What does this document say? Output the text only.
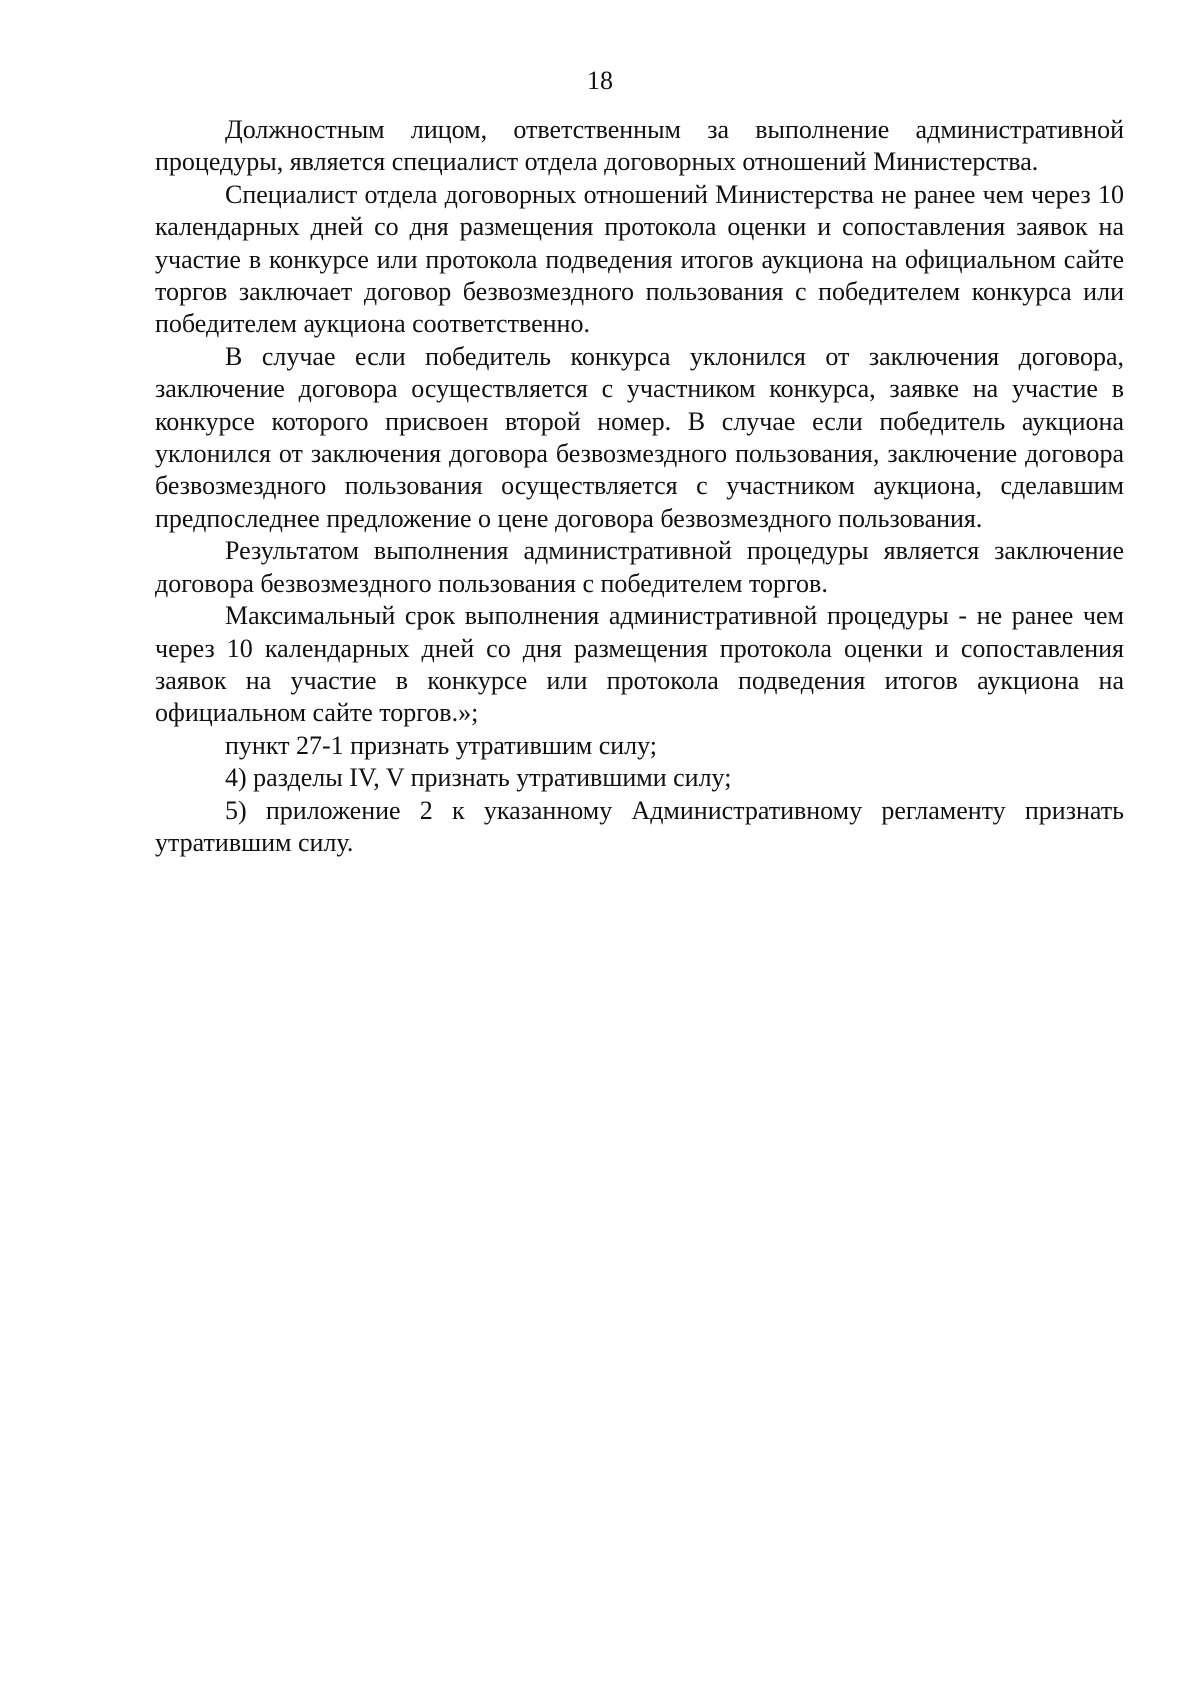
18

Должностным лицом, ответственным за выполнение административной процедуры, является специалист отдела договорных отношений Министерства.

Специалист отдела договорных отношений Министерства не ранее чем через 10 календарных дней со дня размещения протокола оценки и сопоставления заявок на участие в конкурсе или протокола подведения итогов аукциона на официальном сайте торгов заключает договор безвозмездного пользования с победителем конкурса или победителем аукциона соответственно.

В случае если победитель конкурса уклонился от заключения договора, заключение договора осуществляется с участником конкурса, заявке на участие в конкурсе которого присвоен второй номер. В случае если победитель аукциона уклонился от заключения договора безвозмездного пользования, заключение договора безвозмездного пользования осуществляется с участником аукциона, сделавшим предпоследнее предложение о цене договора безвозмездного пользования.

Результатом выполнения административной процедуры является заключение договора безвозмездного пользования с победителем торгов.

Максимальный срок выполнения административной процедуры - не ранее чем через 10 календарных дней со дня размещения протокола оценки и сопоставления заявок на участие в конкурсе или протокола подведения итогов аукциона на официальном сайте торгов.»;

пункт 27-1 признать утратившим силу;

4) разделы IV, V признать утратившими силу;

5) приложение 2 к указанному Административному регламенту признать утратившим силу.
